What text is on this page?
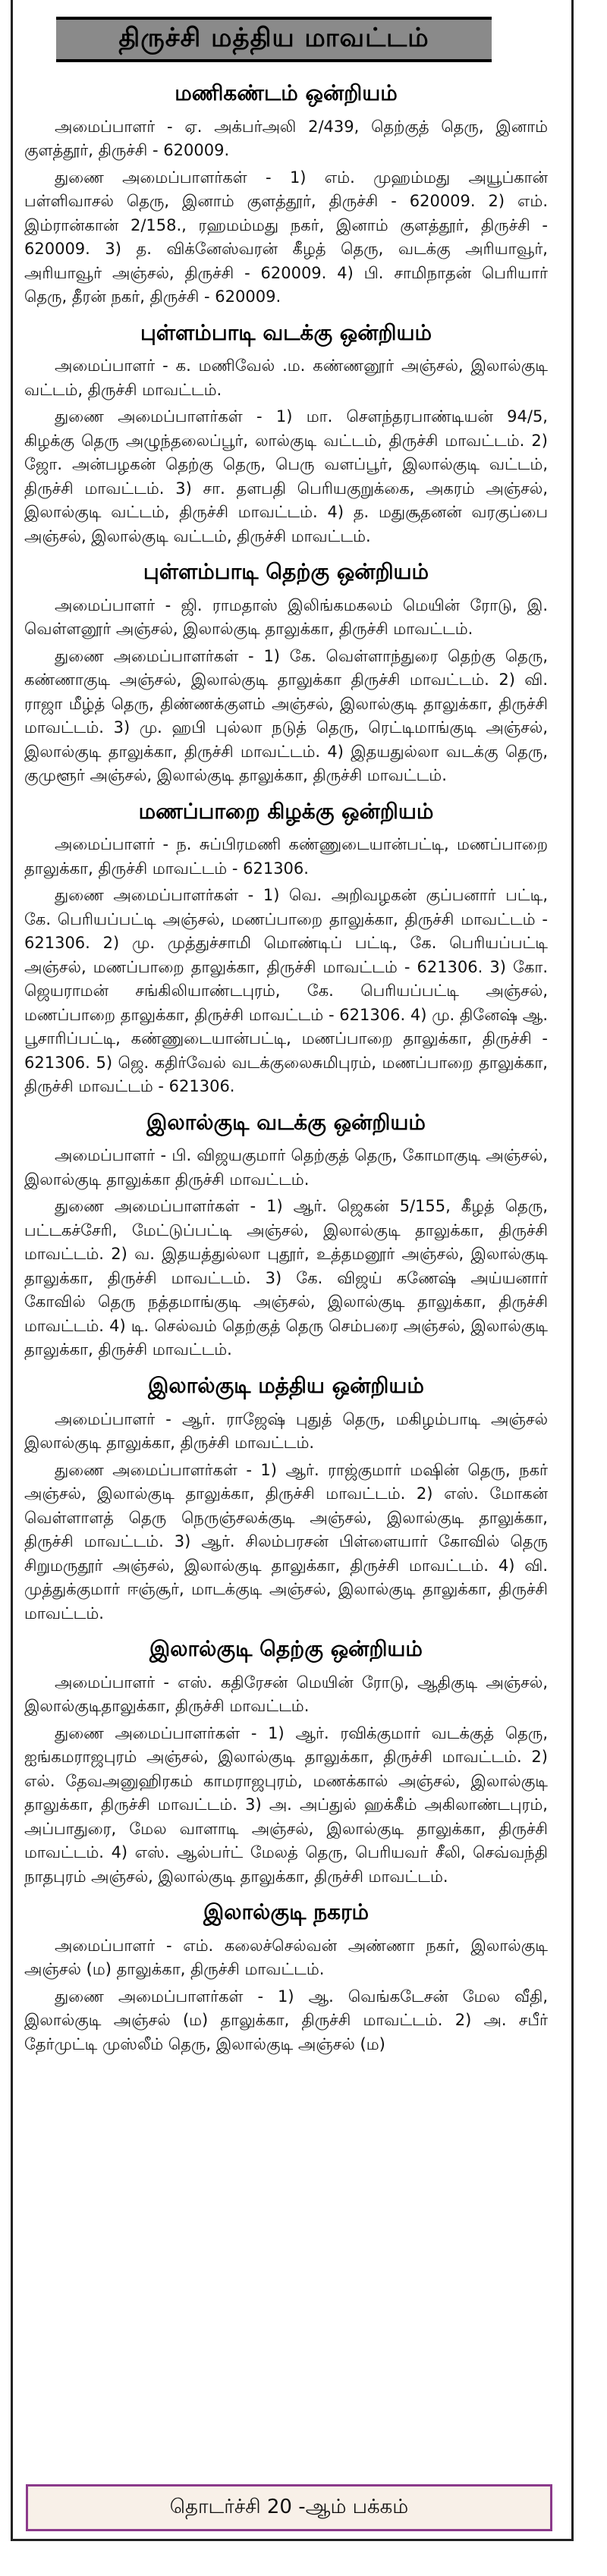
திருச்சி மத்திய மாவட்டம்
மணிகண்டம் ஒன்றியம்

அமைப்பாளர் - ஏ. அக்பர்அலி 2/439, தெற்குத் தெரு, இனாம் குளத்தூர், திருச்சி - 620009.

துணை அமைப்பாளர்கள் - 1) எம். முஹம்மது அயூப்கான் பள்ளிவாசல் தெரு, இனாம் குளத்தூர், திருச்சி - 620009. 2) எம். இம்ரான்கான் 2/158., ரஹமம்மது நகர், இனாம் குளத்தூர், திருச்சி - 620009. 3) த. விக்னேஸ்வரன் கீழத் தெரு, வடக்கு அரியாவூர், அரியாவூர் அஞ்சல், திருச்சி - 620009. 4) பி. சாமிநாதன் பெரியார் தெரு, தீரன் நகர், திருச்சி - 620009.

புள்ளம்பாடி வடக்கு ஒன்றியம்

அமைப்பாளர் - க. மணிவேல் .ம. கண்ணனூர் அஞ்சல், இலால்குடி வட்டம், திருச்சி மாவட்டம்.

துணை அமைப்பாளர்கள் - 1) மா. சௌந்தரபாண்டியன் 94/5, கிழக்கு தெரு அழுந்தலைப்பூர், லால்குடி வட்டம், திருச்சி மாவட்டம். 2) ஜோ. அன்பழகன் தெற்கு தெரு, பெரு வளப்பூர், இலால்குடி வட்டம், திருச்சி மாவட்டம். 3) சா. தளபதி பெரியகுறுக்கை, அகரம் அஞ்சல், இலால்குடி வட்டம், திருச்சி மாவட்டம். 4) த. மதுசூதனன் வரகுப்பை அஞ்சல், இலால்குடி வட்டம், திருச்சி மாவட்டம்.

புள்ளம்பாடி தெற்கு ஒன்றியம்

அமைப்பாளர் - ஜி. ராமதாஸ் இலிங்கமகலம் மெயின் ரோடு, இ. வெள்ளனூர் அஞ்சல், இலால்குடி தாலுக்கா, திருச்சி மாவட்டம்.

துணை அமைப்பாளர்கள் - 1) கே. வெள்ளாந்துரை தெற்கு தெரு, கண்ணாகுடி அஞ்சல், இலால்குடி தாலுக்கா திருச்சி மாவட்டம். 2) வி. ராஜா மீழ்த் தெரு, திண்ணக்குளம் அஞ்சல், இலால்குடி தாலுக்கா, திருச்சி மாவட்டம். 3) மு. ஹபி புல்லா நடுத் தெரு, ரெட்டிமாங்குடி அஞ்சல், இலால்குடி தாலுக்கா, திருச்சி மாவட்டம். 4) இதயதுல்லா வடக்கு தெரு, குமுளூர் அஞ்சல், இலால்குடி தாலுக்கா, திருச்சி மாவட்டம்.

மணப்பாறை கிழக்கு ஒன்றியம்

அமைப்பாளர் - ந. சுப்பிரமணி கண்ணுடையான்பட்டி, மணப்பாறை தாலுக்கா, திருச்சி மாவட்டம் - 621306.

துணை அமைப்பாளர்கள் - 1) வெ. அறிவழகன் குப்பனார் பட்டி, கே. பெரியப்பட்டி அஞ்சல், மணப்பாறை தாலுக்கா, திருச்சி மாவட்டம் - 621306. 2) மு. முத்துச்சாமி மொண்டிப் பட்டி, கே. பெரியப்பட்டி அஞ்சல், மணப்பாறை தாலுக்கா, திருச்சி மாவட்டம் - 621306. 3) கோ. ஜெயராமன் சங்கிலியாண்டபுரம், கே. பெரியப்பட்டி அஞ்சல், மணப்பாறை தாலுக்கா, திருச்சி மாவட்டம் - 621306. 4) மு. தினேஷ் ஆ. பூசாரிப்பட்டி, கண்ணுடையான்பட்டி, மணப்பாறை தாலுக்கா, திருச்சி - 621306. 5) ஜெ. கதிர்வேல் வடக்குலைசுமிபுரம், மணப்பாறை தாலுக்கா, திருச்சி மாவட்டம் - 621306.

இலால்குடி வடக்கு ஒன்றியம்

அமைப்பாளர் - பி. விஜயகுமார் தெற்குத் தெரு, கோமாகுடி அஞ்சல், இலால்குடி தாலுக்கா திருச்சி மாவட்டம்.

துணை அமைப்பாளர்கள் - 1) ஆர். ஜெகன் 5/155, கீழத் தெரு, பட்டகச்சேரி, மேட்டுப்பட்டி அஞ்சல், இலால்குடி தாலுக்கா, திருச்சி மாவட்டம். 2) வ. இதயத்துல்லா புதூர், உத்தமனூர் அஞ்சல், இலால்குடி தாலுக்கா, திருச்சி மாவட்டம். 3) கே. விஜய் கணேஷ் அய்யனார் கோவில் தெரு நத்தமாங்குடி அஞ்சல், இலால்குடி தாலுக்கா, திருச்சி மாவட்டம். 4) டி. செல்வம் தெற்குத் தெரு செம்பரை அஞ்சல், இலால்குடி தாலுக்கா, திருச்சி மாவட்டம்.

இலால்குடி மத்திய ஒன்றியம்

அமைப்பாளர் - ஆர். ராஜேஷ் புதுத் தெரு, மகிழம்பாடி அஞ்சல் இலால்குடி தாலுக்கா, திருச்சி மாவட்டம்.

துணை அமைப்பாளர்கள் - 1) ஆர். ராஜ்குமார் மஷின் தெரு, நகர் அஞ்சல், இலால்குடி தாலுக்கா, திருச்சி மாவட்டம். 2) எஸ். மோகன் வெள்ளாளத் தெரு நெருஞ்சலக்குடி அஞ்சல், இலால்குடி தாலுக்கா, திருச்சி மாவட்டம். 3) ஆர். சிலம்பரசன் பிள்ளையார் கோவில் தெரு சிறுமருதூர் அஞ்சல், இலால்குடி தாலுக்கா, திருச்சி மாவட்டம். 4) வி. முத்துக்குமார் ஈஞ்சூர், மாடக்குடி அஞ்சல், இலால்குடி தாலுக்கா, திருச்சி மாவட்டம்.

இலால்குடி தெற்கு ஒன்றியம்

அமைப்பாளர் - எஸ். கதிரேசன் மெயின் ரோடு, ஆதிகுடி அஞ்சல், இலால்குடிதாலுக்கா, திருச்சி மாவட்டம்.

துணை அமைப்பாளர்கள் - 1) ஆர். ரவிக்குமார் வடக்குத் தெரு, ஐங்கமராஜபுரம் அஞ்சல், இலால்குடி தாலுக்கா, திருச்சி மாவட்டம். 2) எல். தேவஅனுஹிரகம் காமராஜபுரம், மணக்கால் அஞ்சல், இலால்குடி தாலுக்கா, திருச்சி மாவட்டம். 3) அ. அப்துல் ஹக்கீம் அகிலாண்டபுரம், அப்பாதுரை, மேல வாளாடி அஞ்சல், இலால்குடி தாலுக்கா, திருச்சி மாவட்டம். 4) எஸ். ஆல்பர்ட் மேலத் தெரு, பெரியவர் சீலி, செவ்வந்தி நாதபுரம் அஞ்சல், இலால்குடி தாலுக்கா, திருச்சி மாவட்டம்.

இலால்குடி நகரம்

அமைப்பாளர் - எம். கலைச்செல்வன் அண்ணா நகர், இலால்குடி அஞ்சல் (ம) தாலுக்கா, திருச்சி மாவட்டம்.

துணை அமைப்பாளர்கள் - 1) ஆ. வெங்கடேசன் மேல வீதி, இலால்குடி அஞ்சல் (ம) தாலுக்கா, திருச்சி மாவட்டம். 2) அ. சபீர் தேர்முட்டி முஸ்லீம் தெரு, இலால்குடி அஞ்சல் (ம)

தொடர்ச்சி 20 -ஆம் பக்கம்
